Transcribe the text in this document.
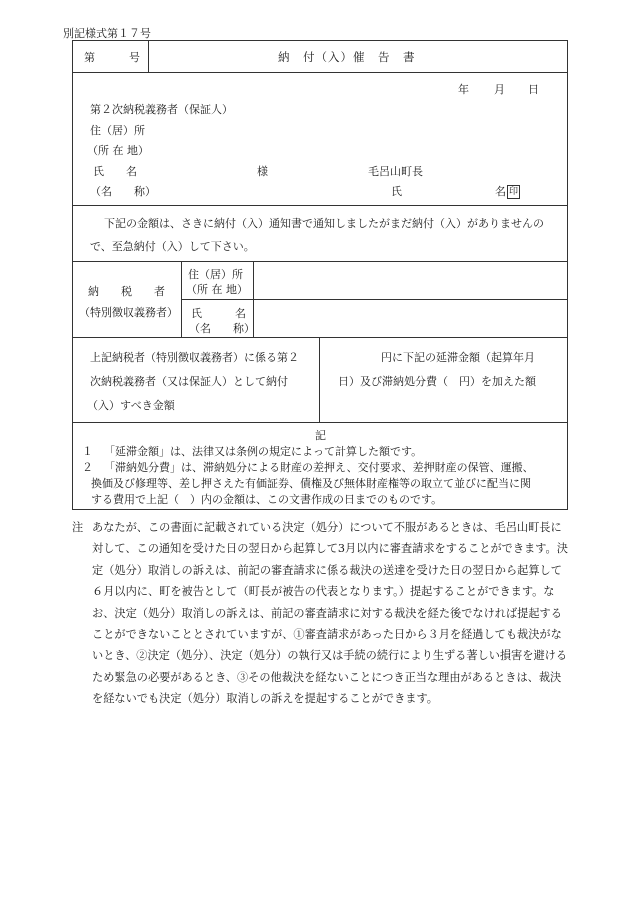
別記様式第１７号
第	号	納　付（入）催　告　書
年 月 日
第２次納税義務者（保証人）
住（居）所
（所 在 地）
氏　　名	様	毛呂山町長
（名　　称）	氏	名 印
下記の金額は、さきに納付（入）通知書で通知しましたがまだ納付（入）がありませんの
で、至急納付（入）して下さい。
納　　税　　者
（特別徴収義務者）
住（居）所
（所 在 地）
氏　　　名
（名　　称）
上記納税者（特別徴収義務者）に係る第２
次納税義務者（又は保証人）として納付
（入）すべき金額
円に下記の延滞金額（起算年月
日）及び滞納処分費（　円）を加えた額
記
１ 「延滞金額」は、法律又は条例の規定によって計算した額です。
２ 「滞納処分費」は、滞納処分による財産の差押え、交付要求、差押財産の保管、運搬、
換価及び修理等、差し押さえた有価証券、債権及び無体財産権等の取立て並びに配当に関
する費用で上記（　）内の金額は、この文書作成の日までのものです。
注 あなたが、この書面に記載されている決定（処分）について不服があるときは、毛呂山町長に対して、この通知を受けた日の翌日から起算して3月以内に審査請求をすることができます。決定（処分）取消しの訴えは、前記の審査請求に係る裁決の送達を受けた日の翌日から起算して６月以内に、町を被告として（町長が被告の代表となります。）提起することができます。なお、決定（処分）取消しの訴えは、前記の審査請求に対する裁決を経た後でなければ提起することができないこととされていますが、①審査請求があった日から３月を経過しても裁決がないとき、②決定（処分）、決定（処分）の執行又は手続の続行により生ずる著しい損害を避けるため緊急の必要があるとき、③その他裁決を経ないことにつき正当な理由があるときは、裁決を経ないでも決定（処分）取消しの訴えを提起することができます。
